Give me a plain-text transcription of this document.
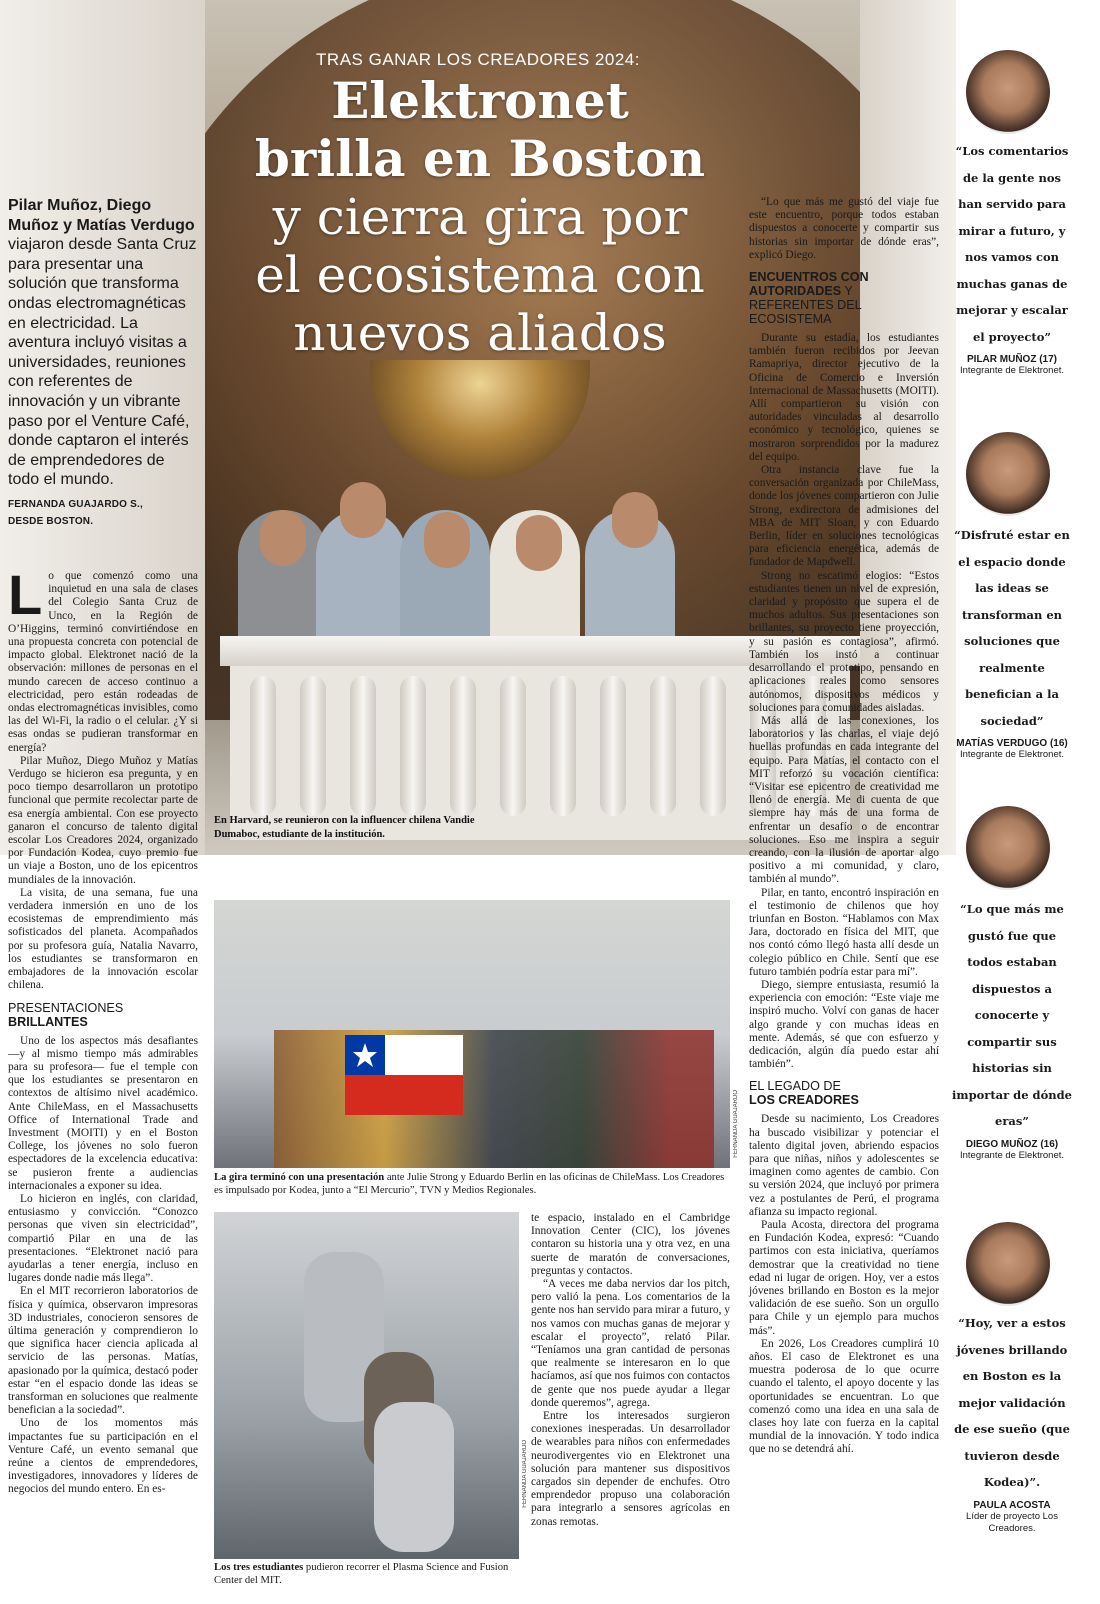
TRAS GANAR LOS CREADORES 2024:
Elektronet
brilla en Boston
y cierra gira por
el ecosistema con
nuevos aliados
En Harvard, se reunieron con la influencer chilena Vandie Dumaboc, estudiante de la institución.
Pilar Muñoz, Diego Muñoz y Matías Verdugo viajaron desde Santa Cruz para presentar una solución que transforma ondas electromagnéticas en electricidad. La aventura incluyó visitas a universidades, reuniones con referentes de innovación y un vibrante paso por el Venture Café, donde captaron el interés de emprendedores de todo el mundo.
FERNANDA GUAJARDO S.,
DESDE BOSTON.

Lo que comenzó como una inquietud en una sala de clases del Colegio Santa Cruz de Unco, en la Región de O’Higgins, terminó convirtiéndose en una propuesta concreta con potencial de impacto global. Elektronet nació de la observación: millones de personas en el mundo carecen de acceso continuo a electricidad, pero están rodeadas de ondas electromagnéticas invisibles, como las del Wi-Fi, la radio o el celular. ¿Y si esas ondas se pudieran transformar en energía?

Pilar Muñoz, Diego Muñoz y Matías Verdugo se hicieron esa pregunta, y en poco tiempo desarrollaron un prototipo funcional que permite recolectar parte de esa energía ambiental. Con ese proyecto ganaron el concurso de talento digital escolar Los Creadores 2024, organizado por Fundación Kodea, cuyo premio fue un viaje a Boston, uno de los epicentros mundiales de la innovación.

La visita, de una semana, fue una verdadera inmersión en uno de los ecosistemas de emprendimiento más sofisticados del planeta. Acompañados por su profesora guía, Natalia Navarro, los estudiantes se transformaron en embajadores de la innovación escolar chilena.

PRESENTACIONES
BRILLANTES

Uno de los aspectos más desafiantes —y al mismo tiempo más admirables para su profesora— fue el temple con que los estudiantes se presentaron en contextos de altísimo nivel académico. Ante ChileMass, en el Massachusetts Office of International Trade and Investment (MOITI) y en el Boston College, los jóvenes no solo fueron espectadores de la excelencia educativa: se pusieron frente a audiencias internacionales a exponer su idea.

Lo hicieron en inglés, con claridad, entusiasmo y convicción. “Conozco personas que viven sin electricidad”, compartió Pilar en una de las presentaciones. “Elektronet nació para ayudarlas a tener energía, incluso en lugares donde nadie más llega”.

En el MIT recorrieron laboratorios de física y química, observaron impresoras 3D industriales, conocieron sensores de última generación y comprendieron lo que significa hacer ciencia aplicada al servicio de las personas. Matías, apasionado por la química, destacó poder estar “en el espacio donde las ideas se transforman en soluciones que realmente benefician a la sociedad”.

Uno de los momentos más impactantes fue su participación en el Venture Café, un evento semanal que reúne a cientos de emprendedores, investigadores, innovadores y líderes de negocios del mundo entero. En es-

FERNANDA GUAJARDO
La gira terminó con una presentación ante Julie Strong y Eduardo Berlin en las oficinas de ChileMass. Los Creadores es impulsado por Kodea, junto a “El Mercurio”, TVN y Medios Regionales.
FERNANDA GUAJARDO
Los tres estudiantes pudieron recorrer el Plasma Science and Fusion Center del MIT.

te espacio, instalado en el Cambridge Innovation Center (CIC), los jóvenes contaron su historia una y otra vez, en una suerte de maratón de conversaciones, preguntas y contactos.

“A veces me daba nervios dar los pitch, pero valió la pena. Los comentarios de la gente nos han servido para mirar a futuro, y nos vamos con muchas ganas de mejorar y escalar el proyecto”, relató Pilar. “Teníamos una gran cantidad de personas que realmente se interesaron en lo que hacíamos, así que nos fuimos con contactos de gente que nos puede ayudar a llegar donde queremos”, agrega.

Entre los interesados surgieron conexiones inesperadas. Un desarrollador de wearables para niños con enfermedades neurodivergentes vio en Elektronet una solución para mantener sus dispositivos cargados sin depender de enchufes. Otro emprendedor propuso una colaboración para integrarlo a sensores agrícolas en zonas remotas.

“Lo que más me gustó del viaje fue este encuentro, porque todos estaban dispuestos a conocerte y compartir sus historias sin importar de dónde eras”, explicó Diego.

ENCUENTROS CON
AUTORIDADES Y
REFERENTES DEL
ECOSISTEMA

Durante su estadía, los estudiantes también fueron recibidos por Jeevan Ramapriya, director ejecutivo de la Oficina de Comercio e Inversión Internacional de Massachusetts (MOITI). Allí compartieron su visión con autoridades vinculadas al desarrollo económico y tecnológico, quienes se mostraron sorprendidos por la madurez del equipo.

Otra instancia clave fue la conversación organizada por ChileMass, donde los jóvenes compartieron con Julie Strong, exdirectora de admisiones del MBA de MIT Sloan, y con Eduardo Berlin, líder en soluciones tecnológicas para eficiencia energética, además de fundador de Mapdwell.

Strong no escatimó elogios: “Estos estudiantes tienen un nivel de expresión, claridad y propósito que supera el de muchos adultos. Sus presentaciones son brillantes, su proyecto tiene proyección, y su pasión es contagiosa”, afirmó. También los instó a continuar desarrollando el prototipo, pensando en aplicaciones reales como sensores autónomos, dispositivos médicos y soluciones para comunidades aisladas.

Más allá de las conexiones, los laboratorios y las charlas, el viaje dejó huellas profundas en cada integrante del equipo. Para Matías, el contacto con el MIT reforzó su vocación científica: “Visitar ese epicentro de creatividad me llenó de energía. Me di cuenta de que siempre hay más de una forma de enfrentar un desafío o de encontrar soluciones. Eso me inspira a seguir creando, con la ilusión de aportar algo positivo a mi comunidad, y claro, también al mundo”.

Pilar, en tanto, encontró inspiración en el testimonio de chilenos que hoy triunfan en Boston. “Hablamos con Max Jara, doctorado en física del MIT, que nos contó cómo llegó hasta allí desde un colegio público en Chile. Sentí que ese futuro también podría estar para mí”.

Diego, siempre entusiasta, resumió la experiencia con emoción: “Este viaje me inspiró mucho. Volví con ganas de hacer algo grande y con muchas ideas en mente. Además, sé que con esfuerzo y dedicación, algún día puedo estar ahí también”.

EL LEGADO DE
LOS CREADORES

Desde su nacimiento, Los Creadores ha buscado visibilizar y potenciar el talento digital joven, abriendo espacios para que niñas, niños y adolescentes se imaginen como agentes de cambio. Con su versión 2024, que incluyó por primera vez a postulantes de Perú, el programa afianza su impacto regional.

Paula Acosta, directora del programa en Fundación Kodea, expresó: “Cuando partimos con esta iniciativa, queríamos demostrar que la creatividad no tiene edad ni lugar de origen. Hoy, ver a estos jóvenes brillando en Boston es la mejor validación de ese sueño. Son un orgullo para Chile y un ejemplo para muchos más”.

En 2026, Los Creadores cumplirá 10 años. El caso de Elektronet es una muestra poderosa de lo que ocurre cuando el talento, el apoyo docente y las oportunidades se encuentran. Lo que comenzó como una idea en una sala de clases hoy late con fuerza en la capital mundial de la innovación. Y todo indica que no se detendrá ahí.

“Los comentarios de la gente nos han servido para mirar a futuro, y nos vamos con muchas ganas de mejorar y escalar el proyecto”
PILAR MUÑOZ (17)
Integrante de Elektronet.
“Disfruté estar en el espacio donde las ideas se transforman en soluciones que realmente benefician a la sociedad”
MATÍAS VERDUGO (16)
Integrante de Elektronet.
“Lo que más me gustó fue que todos estaban dispuestos a conocerte y compartir sus historias sin importar de dónde eras”
DIEGO MUÑOZ (16)
Integrante de Elektronet.
“Hoy, ver a estos jóvenes brillando en Boston es la mejor validación de ese sueño (que tuvieron desde Kodea)”.
PAULA ACOSTA
Líder de proyecto Los Creadores.
